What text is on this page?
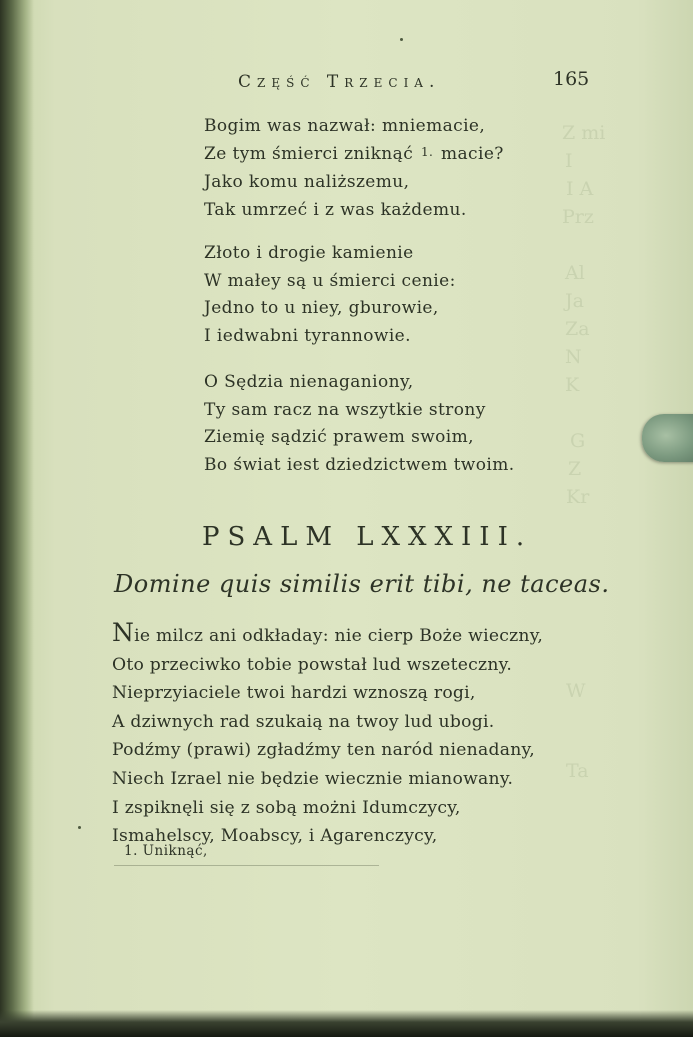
Z mi
I
I A
Prz
Al
Ja
Za
N
K
G
Z
Kr
W
Ta
Część Trzecia.	165
Bogim was nazwał: mniemacie,
Ze tym śmierci zniknąć 1. macie?
Jako komu naliższemu,
Tak umrzeć i z was każdemu.
Złoto i drogie kamienie
W małey są u śmierci cenie:
Jedno to u niey, gburowie,
I iedwabni tyrannowie.
O Sędzia nienaganiony,
Ty sam racz na wszytkie strony
Ziemię sądzić prawem swoim,
Bo świat iest dziedzictwem twoim.
PSALM LXXXIII.
Domine quis similis erit tibi, ne taceas.
Nie milcz ani odkładay: nie cierp Boże wieczny,
Oto przeciwko tobie powstał lud wszeteczny.
Nieprzyiaciele twoi hardzi wznoszą rogi,
A dziwnych rad szukaią na twoy lud ubogi.
Podźmy (prawi) zgładźmy ten naród nienadany,
Niech Izrael nie będzie wiecznie mianowany.
I zspiknęli się z sobą możni Idumczycy,
Ismahelscy, Moabscy, i Agarenczycy,
1. Uniknąć,
